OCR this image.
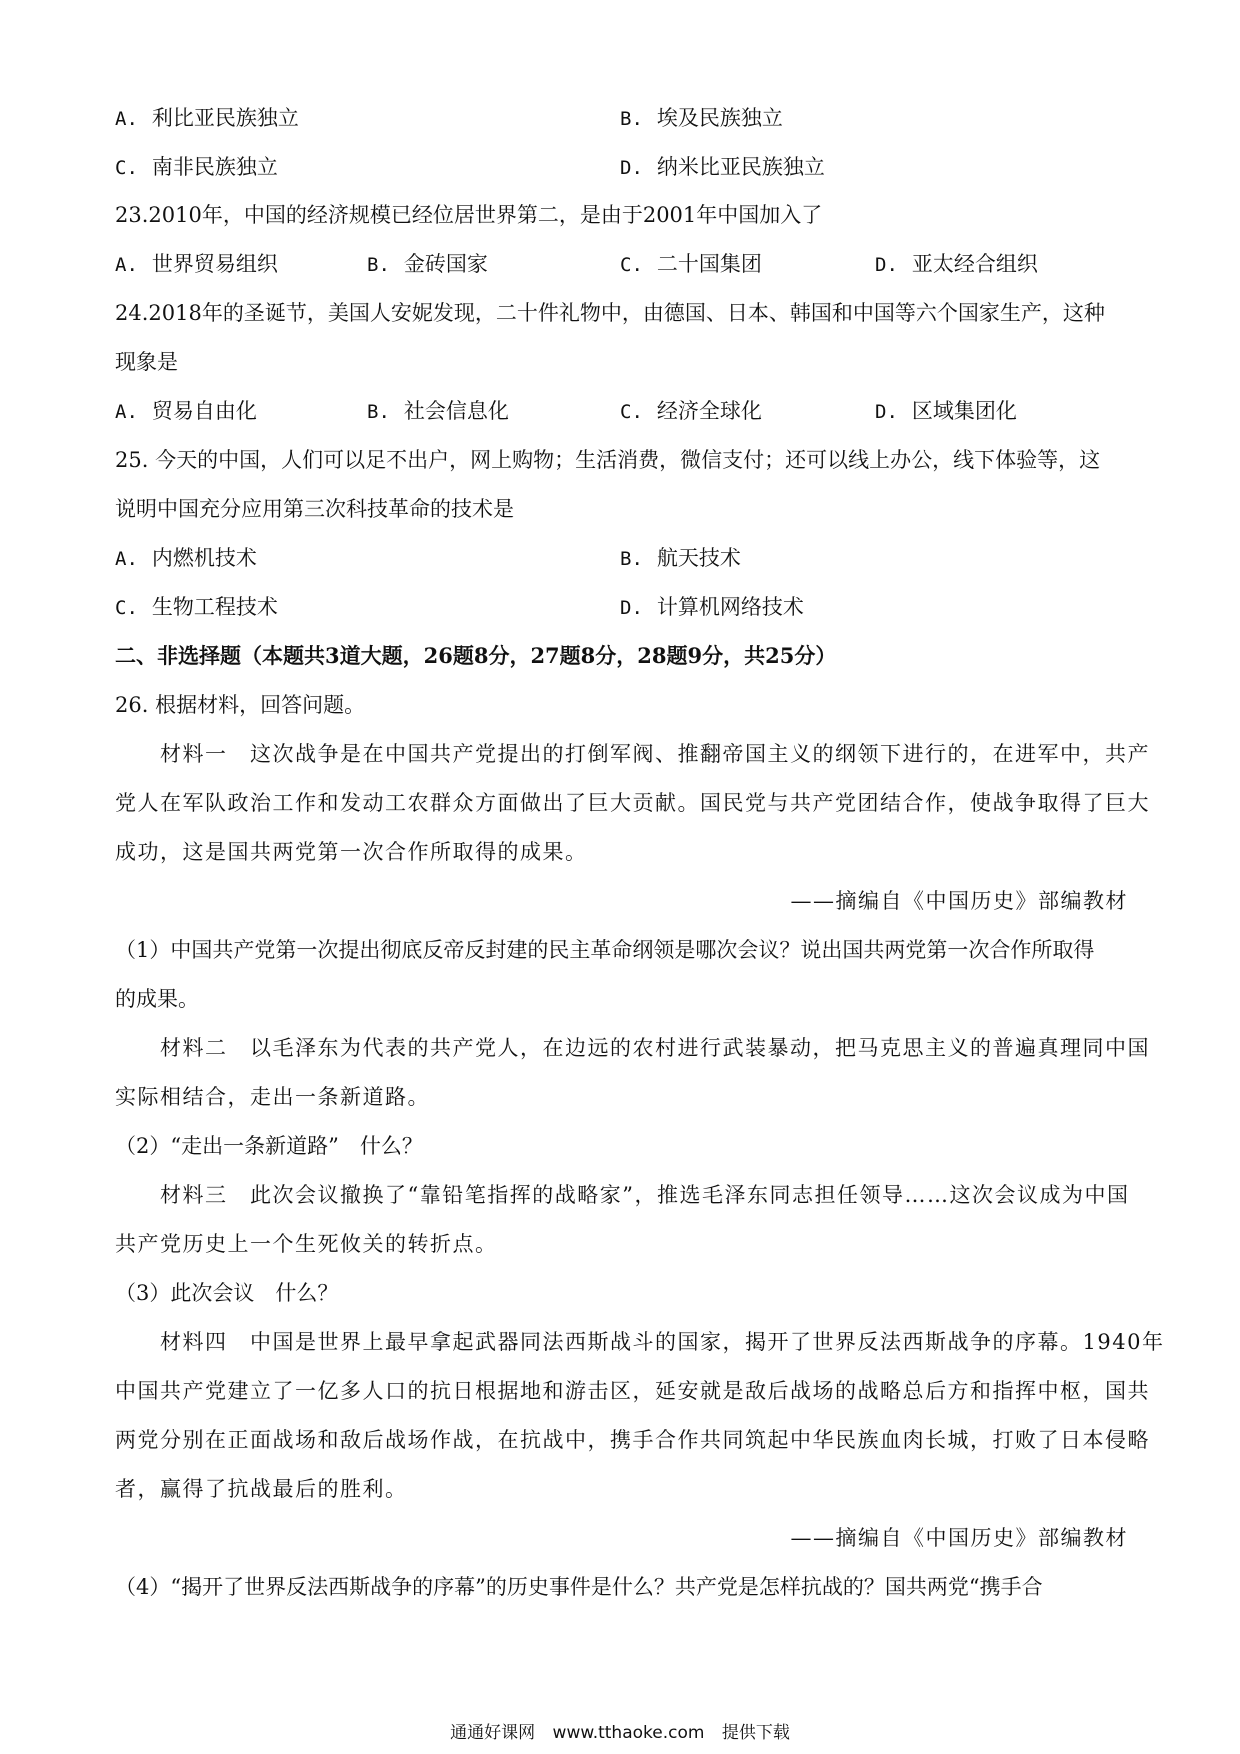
A. 利比亚民族独立	B. 埃及民族独立
C. 南非民族独立	D. 纳米比亚民族独立
23.2010年，中国的经济规模已经位居世界第二，是由于2001年中国加入了
A. 世界贸易组织	B. 金砖国家	C. 二十国集团	D. 亚太经合组织
24.2018年的圣诞节，美国人安妮发现，二十件礼物中，由德国、日本、韩国和中国等六个国家生产，这种
现象是
A. 贸易自由化	B. 社会信息化	C. 经济全球化	D. 区域集团化
25. 今天的中国，人们可以足不出户，网上购物；生活消费，微信支付；还可以线上办公，线下体验等，这
说明中国充分应用第三次科技革命的技术是
A. 内燃机技术	B. 航天技术
C. 生物工程技术	D. 计算机网络技术
二、非选择题（本题共3道大题，26题8分，27题8分，28题9分，共25分）
26. 根据材料，回答问题。
材料一　这次战争是在中国共产党提出的打倒军阀、推翻帝国主义的纲领下进行的，在进军中，共产
党人在军队政治工作和发动工农群众方面做出了巨大贡献。国民党与共产党团结合作，使战争取得了巨大
成功，这是国共两党第一次合作所取得的成果。
——摘编自《中国历史》部编教材
（1）中国共产党第一次提出彻底反帝反封建的民主革命纲领是哪次会议？说出国共两党第一次合作所取得
的成果。
材料二　以毛泽东为代表的共产党人，在边远的农村进行武装暴动，把马克思主义的普遍真理同中国
实际相结合，走出一条新道路。
（2）“走出一条新道路”　什么？
材料三　此次会议撤换了“靠铅笔指挥的战略家”，推选毛泽东同志担任领导……这次会议成为中国
共产党历史上一个生死攸关的转折点。
（3）此次会议　什么？
材料四　中国是世界上最早拿起武器同法西斯战斗的国家，揭开了世界反法西斯战争的序幕。1940年
中国共产党建立了一亿多人口的抗日根据地和游击区，延安就是敌后战场的战略总后方和指挥中枢，国共
两党分别在正面战场和敌后战场作战，在抗战中，携手合作共同筑起中华民族血肉长城，打败了日本侵略
者，赢得了抗战最后的胜利。
——摘编自《中国历史》部编教材
（4）“揭开了世界反法西斯战争的序幕”的历史事件是什么？共产党是怎样抗战的？国共两党“携手合
通通好课网 www.tthaoke.com 提供下载
